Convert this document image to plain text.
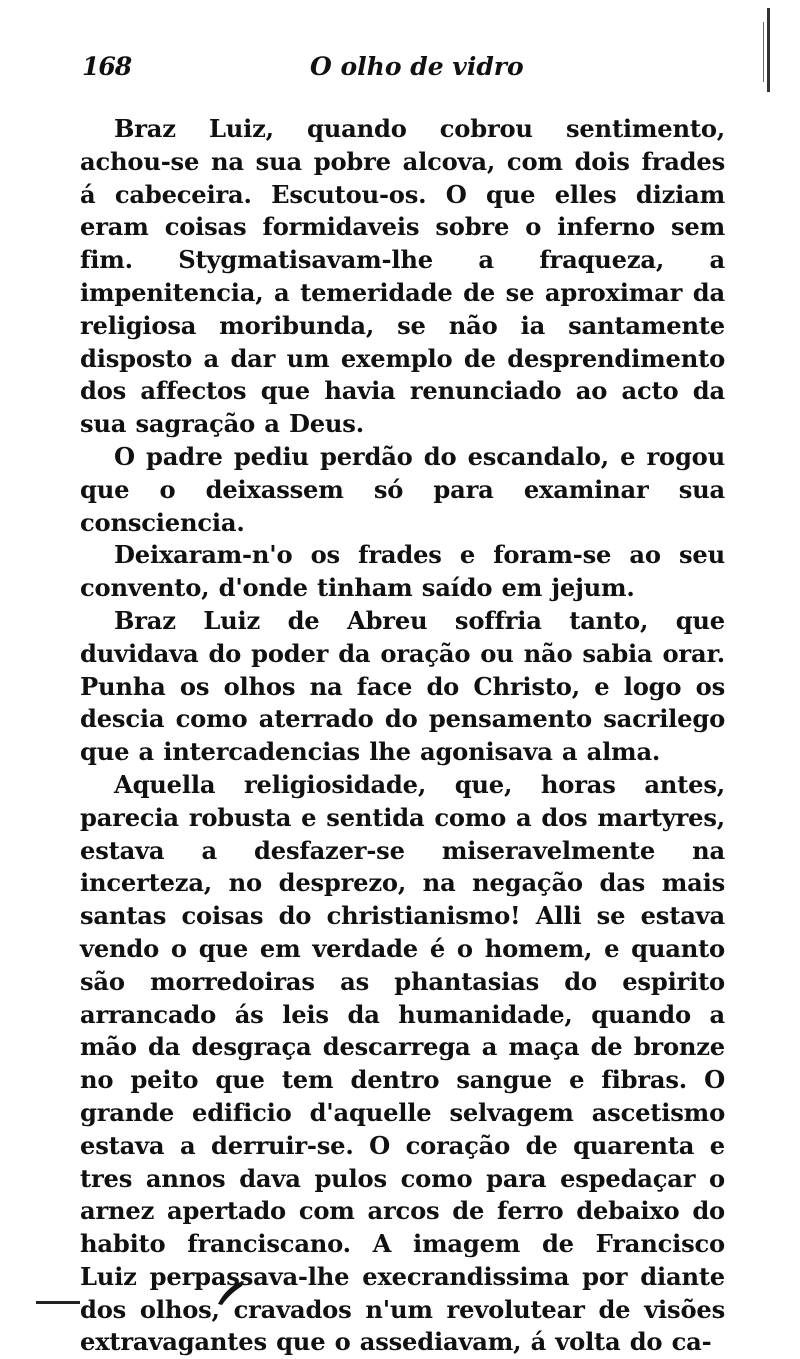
168	O olho de vidro

Braz Luiz, quando cobrou sentimento, achou-se na sua pobre alcova, com dois frades á cabeceira. Escutou-os. O que elles diziam eram coisas formidaveis sobre o inferno sem fim. Stygmatisavam-lhe a fraqueza, a impenitencia, a temeridade de se aproximar da religiosa moribunda, se não ia santamente disposto a dar um exemplo de desprendimento dos affectos que havia renunciado ao acto da sua sagração a Deus.

O padre pediu perdão do escandalo, e rogou que o deixassem só para examinar sua consciencia.

Deixaram-n'o os frades e foram-se ao seu convento, d'onde tinham saído em jejum.

Braz Luiz de Abreu soffria tanto, que duvidava do poder da oração ou não sabia orar. Punha os olhos na face do Christo, e logo os descia como aterrado do pensamento sacrilego que a intercadencias lhe agonisava a alma.

Aquella religiosidade, que, horas antes, parecia robusta e sentida como a dos martyres, estava a desfazer-se miseravelmente na incerteza, no desprezo, na negação das mais santas coisas do christianismo! Alli se estava vendo o que em verdade é o homem, e quanto são morredoiras as phantasias do espirito arrancado ás leis da humanidade, quando a mão da desgraça descarrega a maça de bronze no peito que tem dentro sangue e fibras. O grande edificio d'aquelle selvagem ascetismo estava a derruir-se. O coração de quarenta e tres annos dava pulos como para espedaçar o arnez apertado com arcos de ferro debaixo do habito franciscano. A imagem de Francisco Luiz perpassava-lhe execrandissima por diante dos olhos, cravados n'um revolutear de visões extravagantes que o assediavam, á volta do ca-
